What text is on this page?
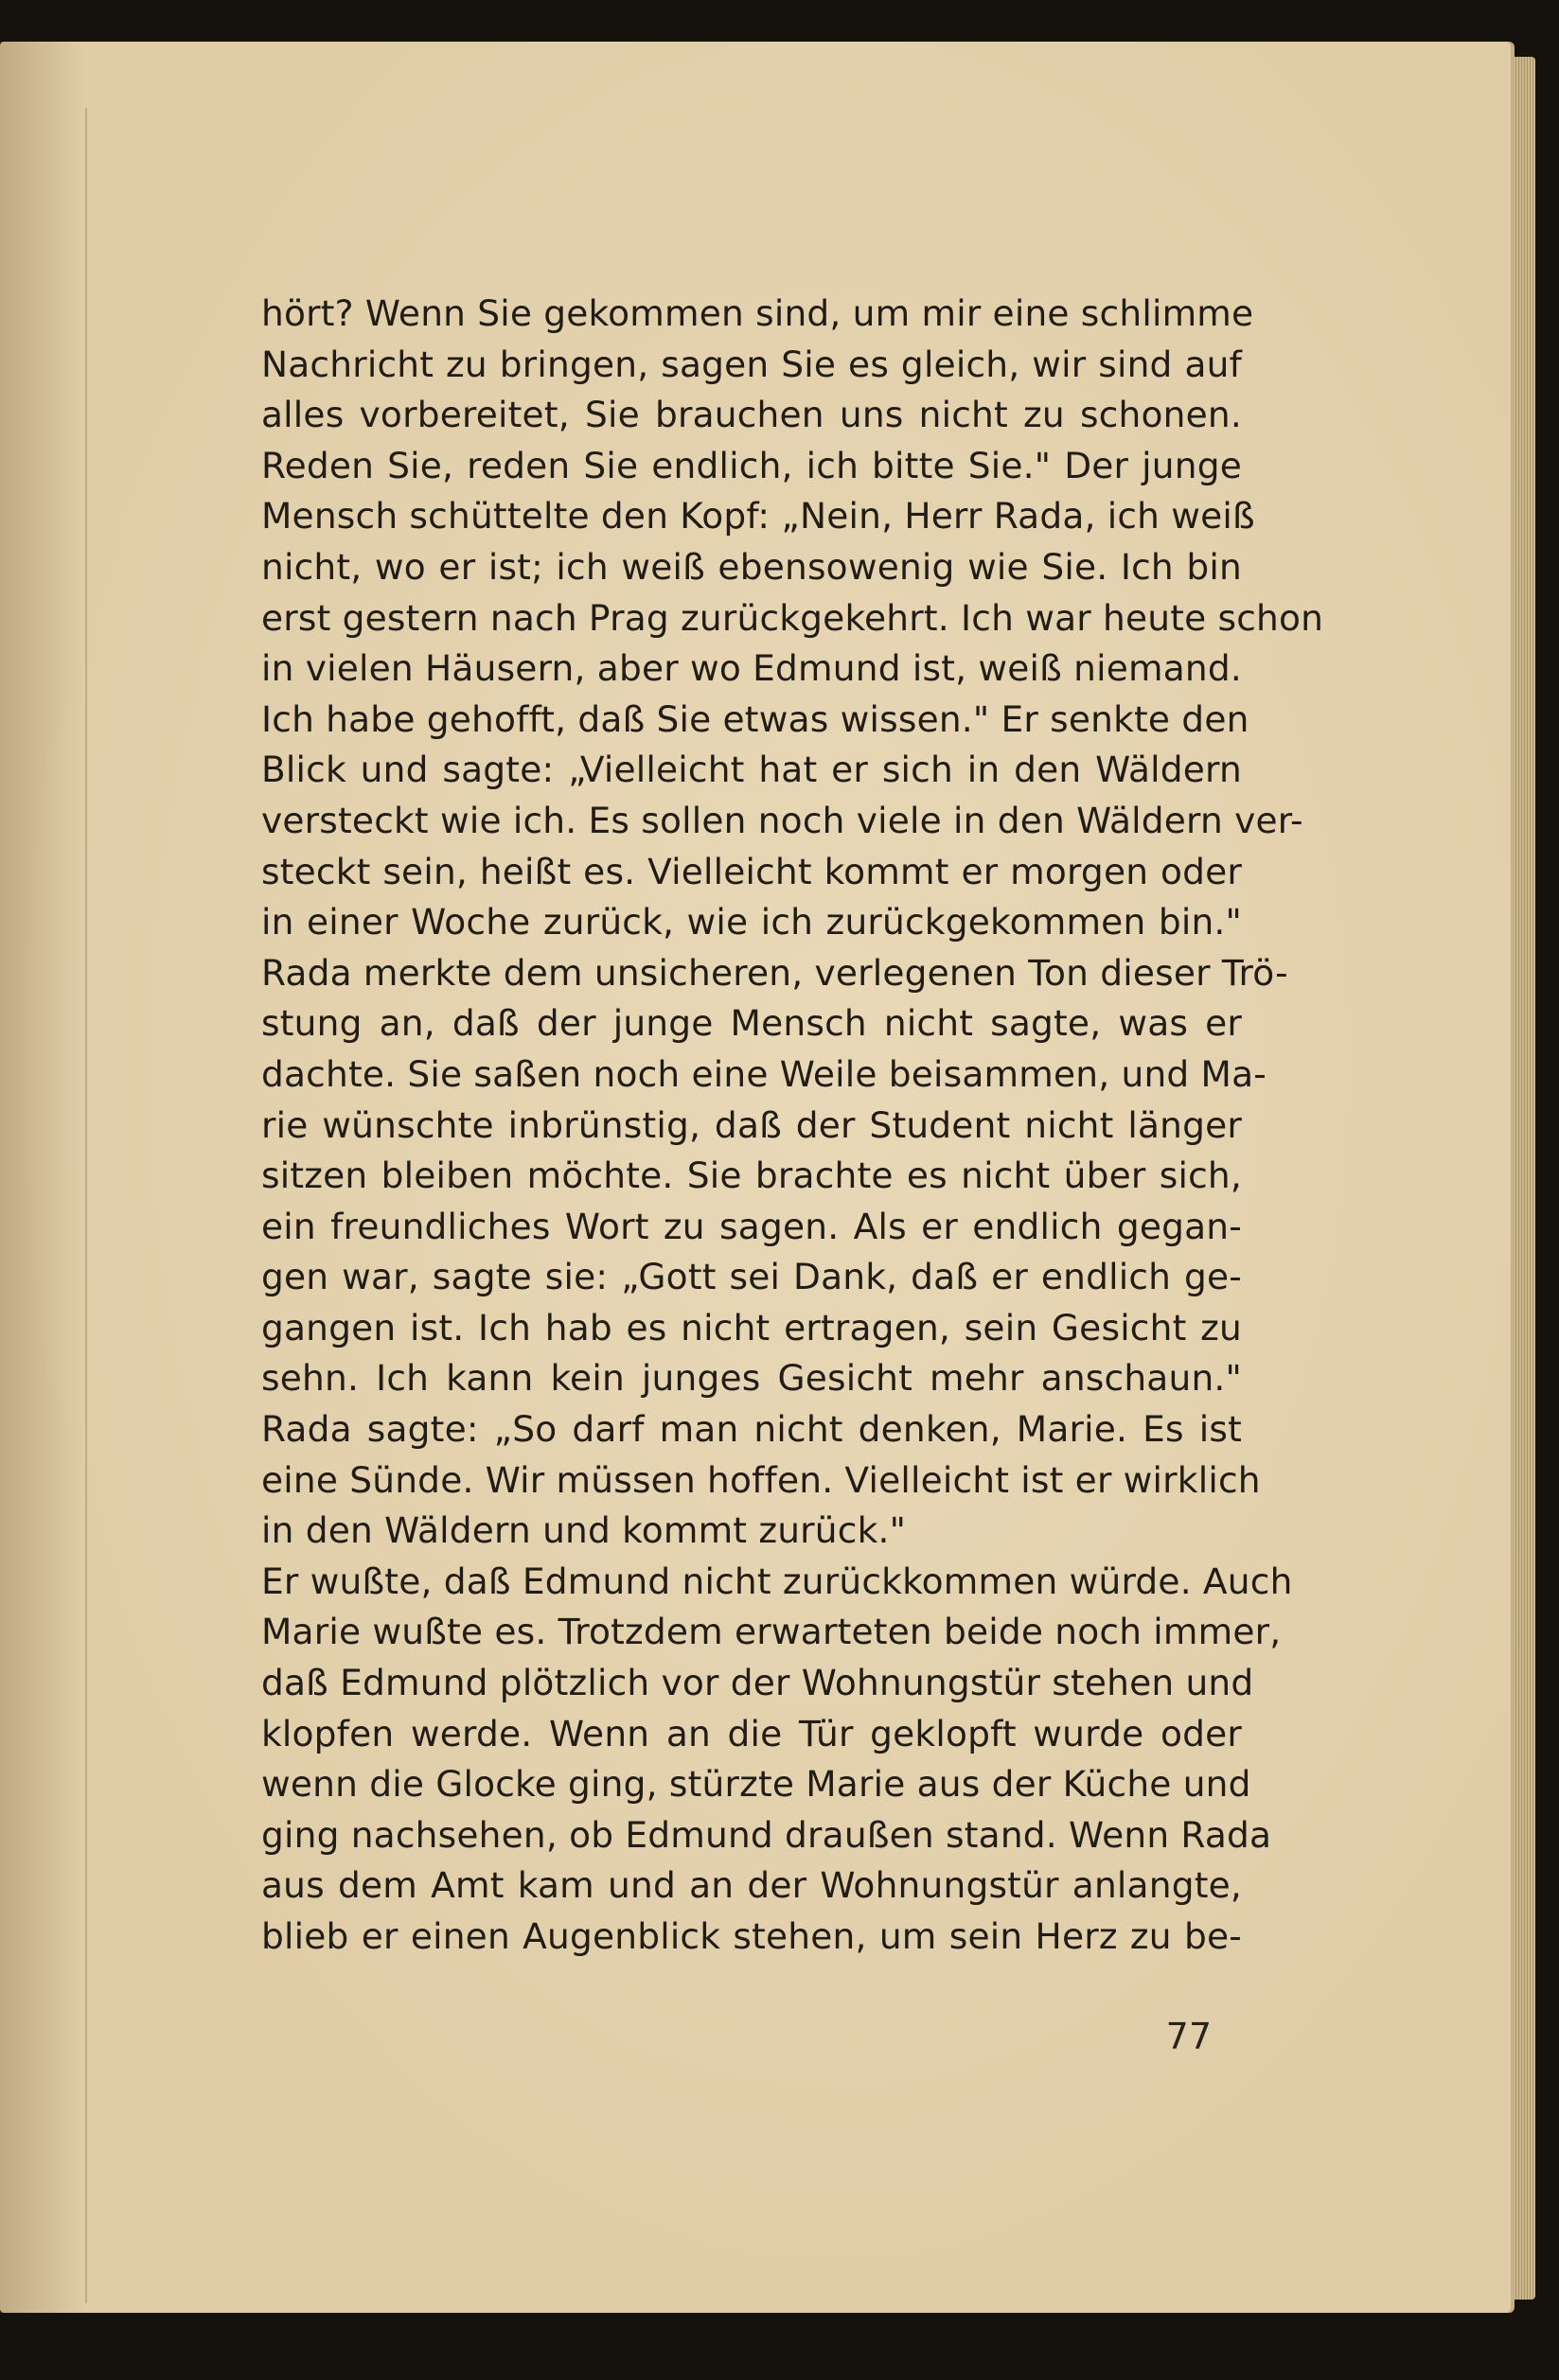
hört? Wenn Sie gekommen sind, um mir eine schlimme
Nachricht zu bringen, sagen Sie es gleich, wir sind auf
alles vorbereitet, Sie brauchen uns nicht zu schonen.
Reden Sie, reden Sie endlich, ich bitte Sie." Der junge
Mensch schüttelte den Kopf: „Nein, Herr Rada, ich weiß
nicht, wo er ist; ich weiß ebensowenig wie Sie. Ich bin
erst gestern nach Prag zurückgekehrt. Ich war heute schon
in vielen Häusern, aber wo Edmund ist, weiß niemand.
Ich habe gehofft, daß Sie etwas wissen." Er senkte den
Blick und sagte: „Vielleicht hat er sich in den Wäldern
versteckt wie ich. Es sollen noch viele in den Wäldern ver-
steckt sein, heißt es. Vielleicht kommt er morgen oder
in einer Woche zurück, wie ich zurückgekommen bin."
Rada merkte dem unsicheren, verlegenen Ton dieser Trö-
stung an, daß der junge Mensch nicht sagte, was er
dachte. Sie saßen noch eine Weile beisammen, und Ma-
rie wünschte inbrünstig, daß der Student nicht länger
sitzen bleiben möchte. Sie brachte es nicht über sich,
ein freundliches Wort zu sagen. Als er endlich gegan-
gen war, sagte sie: „Gott sei Dank, daß er endlich ge-
gangen ist. Ich hab es nicht ertragen, sein Gesicht zu
sehn. Ich kann kein junges Gesicht mehr anschaun."
Rada sagte: „So darf man nicht denken, Marie. Es ist
eine Sünde. Wir müssen hoffen. Vielleicht ist er wirklich
in den Wäldern und kommt zurück."
Er wußte, daß Edmund nicht zurückkommen würde. Auch
Marie wußte es. Trotzdem erwarteten beide noch immer,
daß Edmund plötzlich vor der Wohnungstür stehen und
klopfen werde. Wenn an die Tür geklopft wurde oder
wenn die Glocke ging, stürzte Marie aus der Küche und
ging nachsehen, ob Edmund draußen stand. Wenn Rada
aus dem Amt kam und an der Wohnungstür anlangte,
blieb er einen Augenblick stehen, um sein Herz zu be-
77
